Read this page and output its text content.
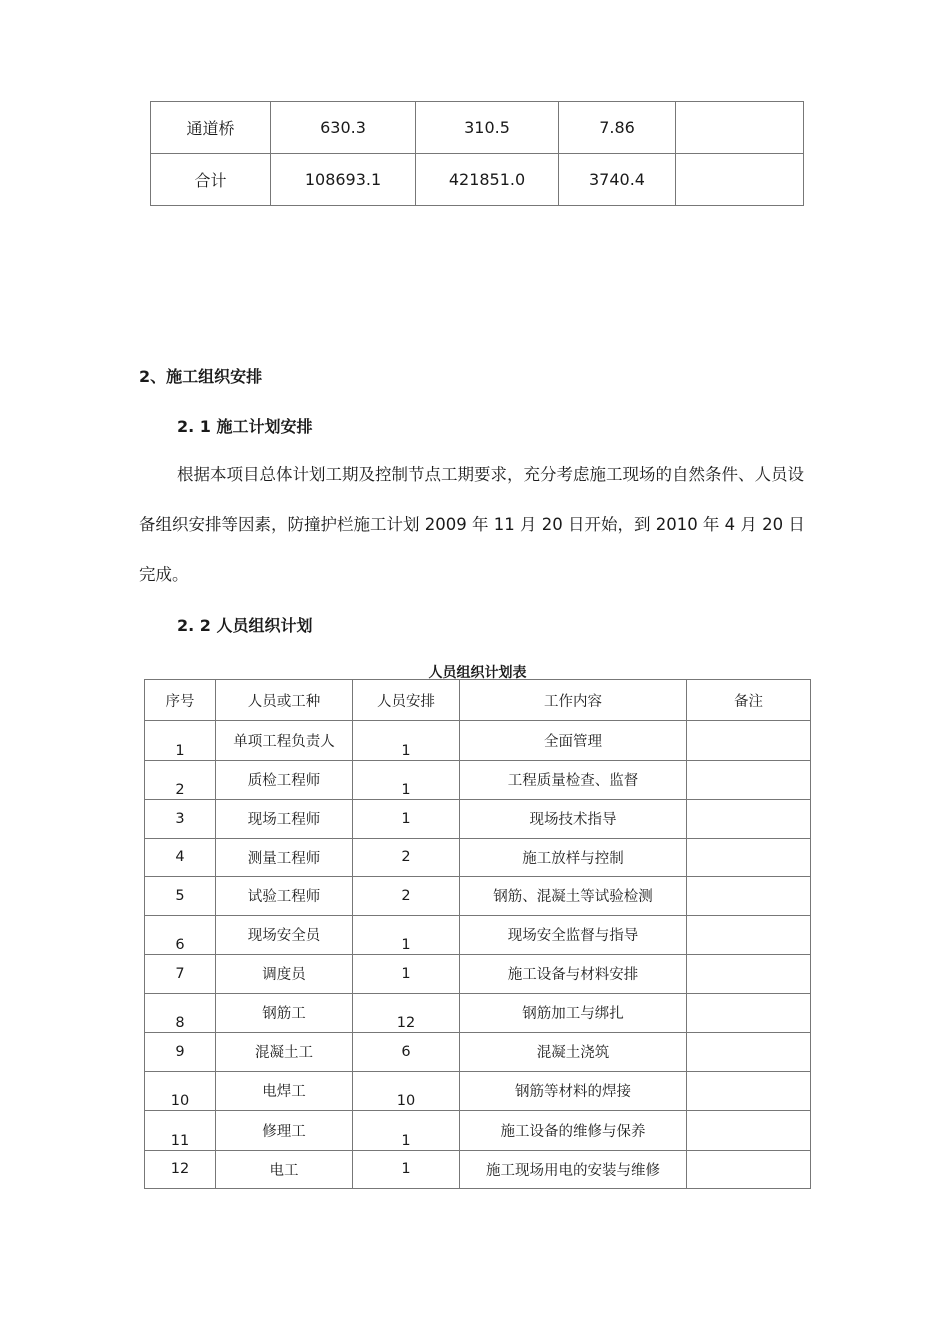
通道桥	630.3	310.5	7.86	
合计	108693.1	421851.0	3740.4	
2、施工组织安排
2. 1 施工计划安排
根据本项目总体计划工期及控制节点工期要求，充分考虑施工现场的自然条件、人员设备组织安排等因素，防撞护栏施工计划 2009 年 11 月 20 日开始，到 2010 年 4 月 20 日完成。
2. 2 人员组织计划
人员组织计划表
序号	人员或工种	人员安排	工作内容	备注
1	单项工程负责人	1	全面管理	
2	质检工程师	1	工程质量检查、监督	
3	现场工程师	1	现场技术指导	
4	测量工程师	2	施工放样与控制	
5	试验工程师	2	钢筋、混凝土等试验检测	
6	现场安全员	1	现场安全监督与指导	
7	调度员	1	施工设备与材料安排	
8	钢筋工	12	钢筋加工与绑扎	
9	混凝土工	6	混凝土浇筑	
10	电焊工	10	钢筋等材料的焊接	
11	修理工	1	施工设备的维修与保养	
12	电工	1	施工现场用电的安装与维修	
